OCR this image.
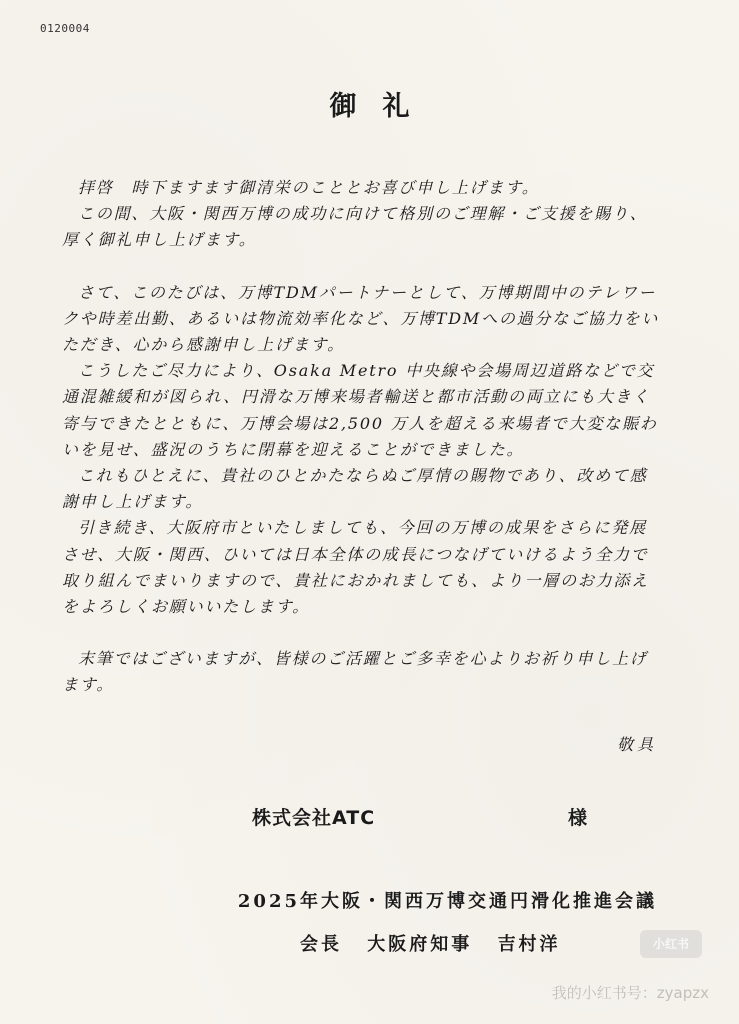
0120004
御礼

拝啓　時下ますます御清栄のこととお喜び申し上げます。

この間、大阪・関西万博の成功に向けて格別のご理解・ご支援を賜り、厚く御礼申し上げます。

さて、このたびは、万博TDMパートナーとして、万博期間中のテレワークや時差出勤、あるいは物流効率化など、万博TDMへの過分なご協力をいただき、心から感謝申し上げます。

こうしたご尽力により、Osaka Metro 中央線や会場周辺道路などで交通混雑緩和が図られ、円滑な万博来場者輸送と都市活動の両立にも大きく寄与できたとともに、万博会場は2,500 万人を超える来場者で大変な賑わいを見せ、盛況のうちに閉幕を迎えることができました。

これもひとえに、貴社のひとかたならぬご厚情の賜物であり、改めて感謝申し上げます。

引き続き、大阪府市といたしましても、今回の万博の成果をさらに発展させ、大阪・関西、ひいては日本全体の成長につなげていけるよう全力で取り組んでまいりますので、貴社におかれましても、より一層のお力添えをよろしくお願いいたします。

末筆ではございますが、皆様のご活躍とご多幸を心よりお祈り申し上げます。

敬具
株式会社ATC	様
2025年大阪・関西万博交通円滑化推進会議
会長 大阪府知事 吉村洋	小红书
我的小红书号：zyapzx
